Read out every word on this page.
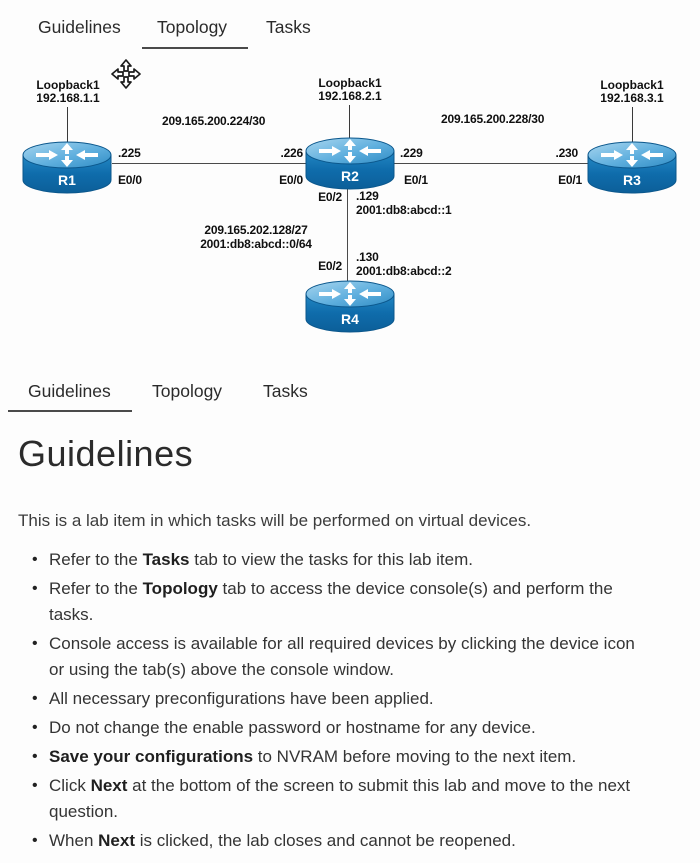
Guidelines Topology Tasks
Loopback1
192.168.1.1
Loopback1
192.168.2.1
Loopback1
192.168.3.1
209.165.200.224/30	209.165.200.228/30
.225
E0/0
.226
E0/0
.229
E0/1
.230
E0/1
E0/2 .129
2001:db8:abcd::1
209.165.202.128/27
2001:db8:abcd::0/64
.130
E0/2 2001:db8:abcd::2
R1	R2	R3
R4
Guidelines Topology Tasks
Guidelines

This is a lab item in which tasks will be performed on virtual devices.

• Refer to the Tasks tab to view the tasks for this lab item.
• Refer to the Topology tab to access the device console(s) and perform the tasks.
• Console access is available for all required devices by clicking the device icon or using the tab(s) above the console window.
• All necessary preconfigurations have been applied.
• Do not change the enable password or hostname for any device.
• Save your configurations to NVRAM before moving to the next item.
• Click Next at the bottom of the screen to submit this lab and move to the next question.
• When Next is clicked, the lab closes and cannot be reopened.
